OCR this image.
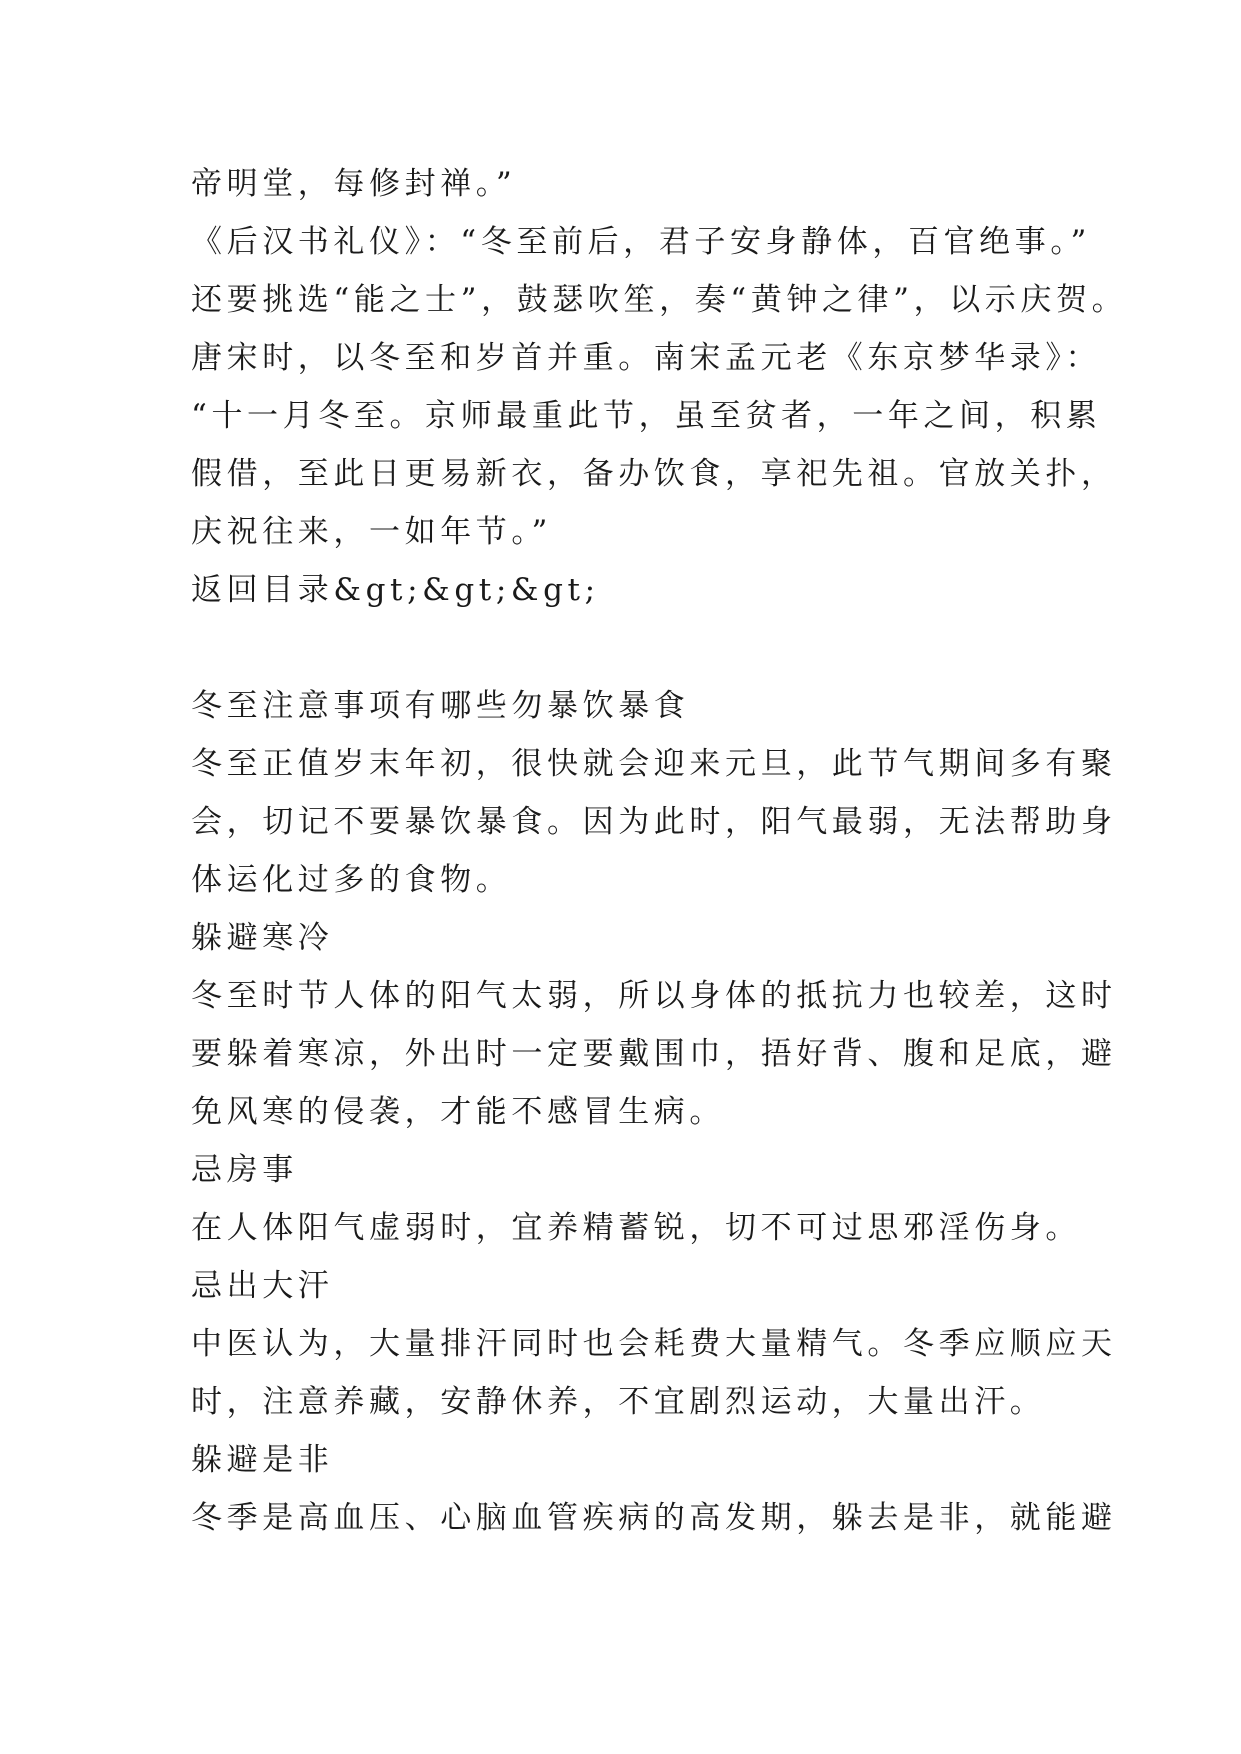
帝明堂，每修封禅。”
《后汉书礼仪》：“冬至前后，君子安身静体，百官绝事。”
还要挑选“能之士”，鼓瑟吹笙，奏“黄钟之律”，以示庆贺。
唐宋时，以冬至和岁首并重。南宋孟元老《东京梦华录》：
“十一月冬至。京师最重此节，虽至贫者，一年之间，积累
假借，至此日更易新衣，备办饮食，享祀先祖。官放关扑，
庆祝往来，一如年节。”
返回目录&gt;&gt;&gt;
冬至注意事项有哪些勿暴饮暴食
冬至正值岁末年初，很快就会迎来元旦，此节气期间多有聚
会，切记不要暴饮暴食。因为此时，阳气最弱，无法帮助身
体运化过多的食物。
躲避寒冷
冬至时节人体的阳气太弱，所以身体的抵抗力也较差，这时
要躲着寒凉，外出时一定要戴围巾，捂好背、腹和足底，避
免风寒的侵袭，才能不感冒生病。
忌房事
在人体阳气虚弱时，宜养精蓄锐，切不可过思邪淫伤身。
忌出大汗
中医认为，大量排汗同时也会耗费大量精气。冬季应顺应天
时，注意养藏，安静休养，不宜剧烈运动，大量出汗。
躲避是非
冬季是高血压、心脑血管疾病的高发期，躲去是非，就能避
